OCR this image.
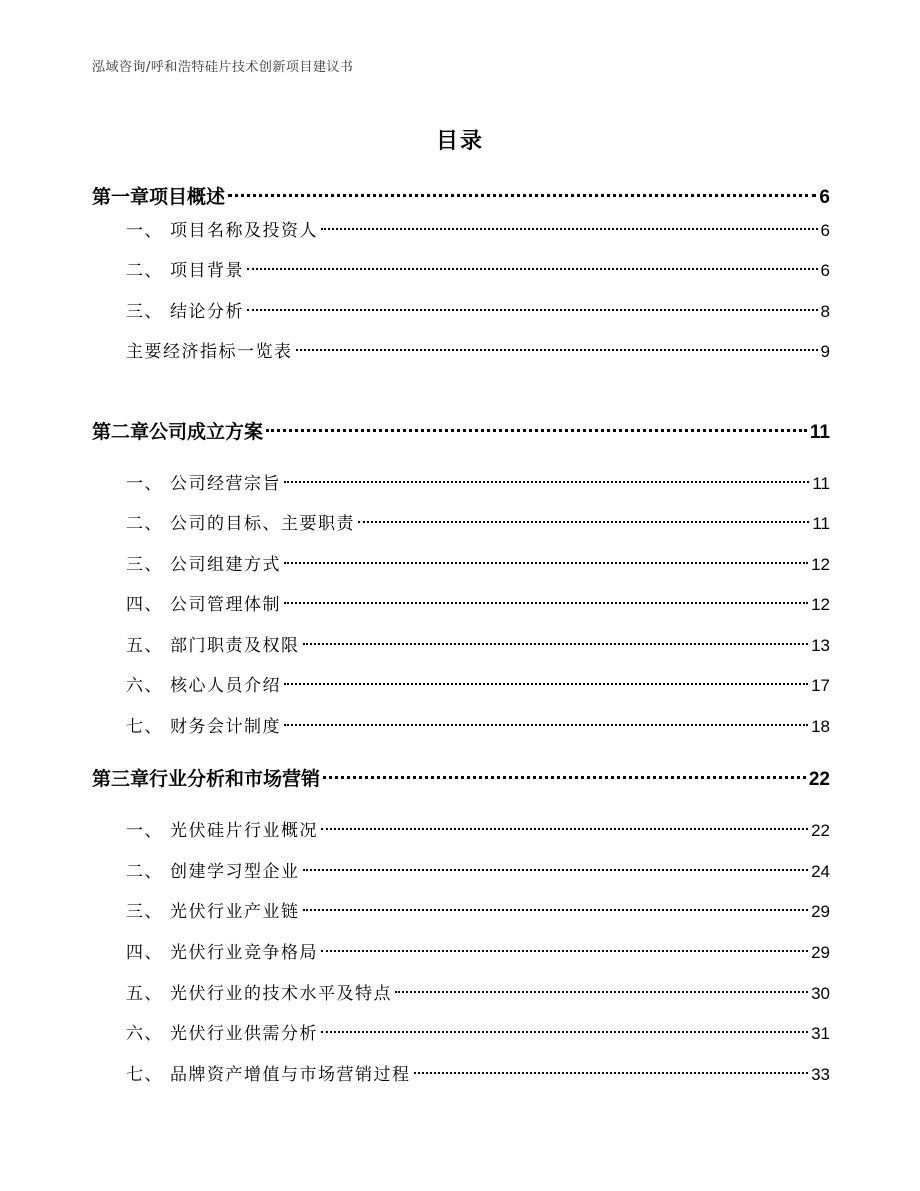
泓域咨询/呼和浩特硅片技术创新项目建议书
目录
第一章 项目概述	6
一、 项目名称及投资人	6
二、 项目背景	6
三、 结论分析	8
主要经济指标一览表	9
第二章 公司成立方案	11
一、 公司经营宗旨	11
二、 公司的目标、主要职责	11
三、 公司组建方式	12
四、 公司管理体制	12
五、 部门职责及权限	13
六、 核心人员介绍	17
七、 财务会计制度	18
第三章 行业分析和市场营销	22
一、 光伏硅片行业概况	22
二、 创建学习型企业	24
三、 光伏行业产业链	29
四、 光伏行业竞争格局	29
五、 光伏行业的技术水平及特点	30
六、 光伏行业供需分析	31
七、 品牌资产增值与市场营销过程	33
